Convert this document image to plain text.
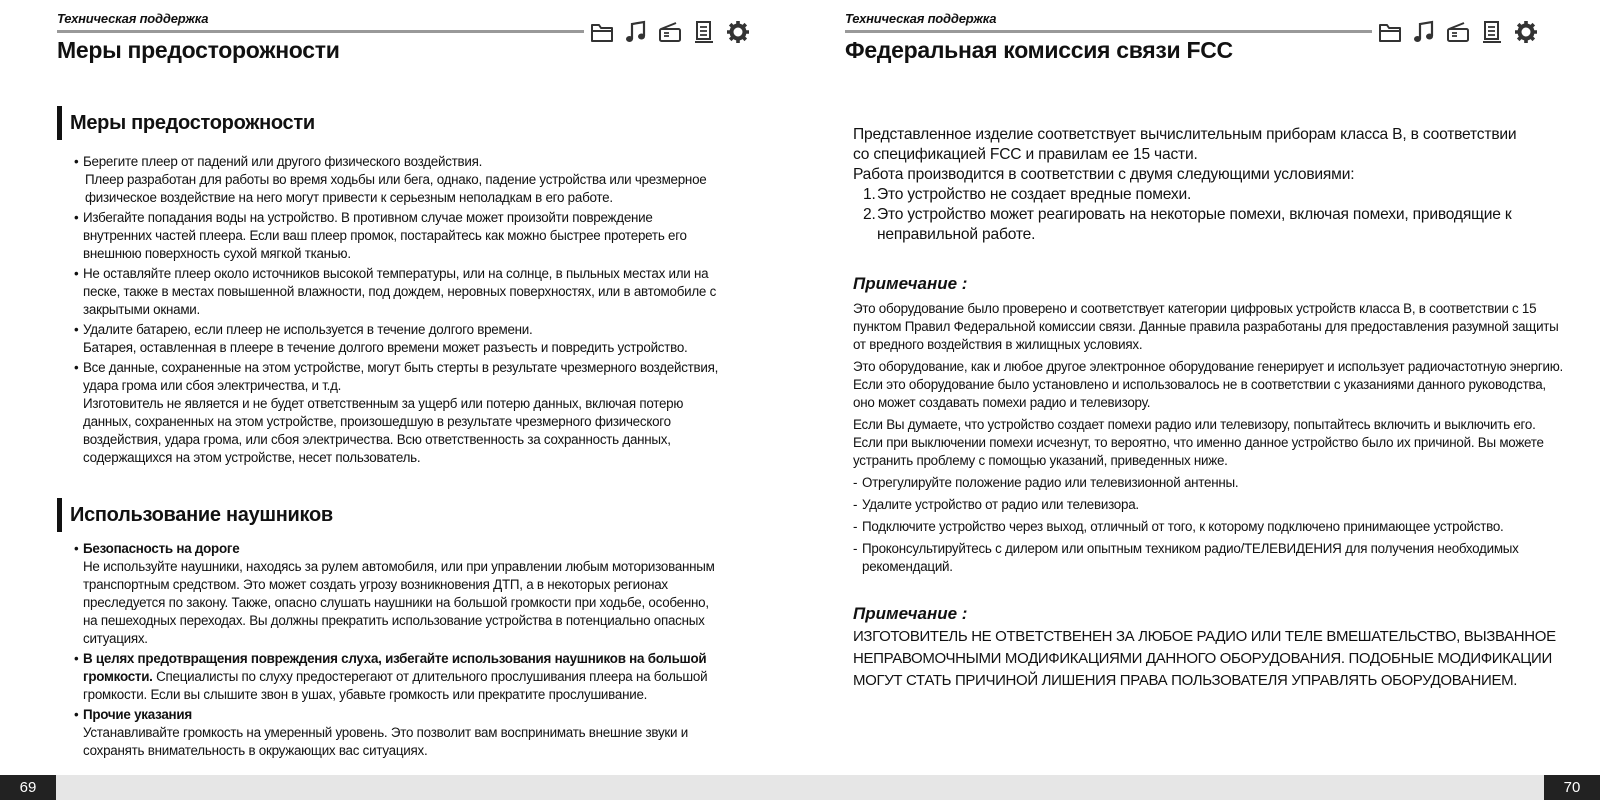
Техническая поддержка
Меры предосторожности
Меры предосторожности
• Берегите плеер от падений или другого физического воздействия.
Плеер разработан для работы во время ходьбы или бега, однако, падение устройства или чрезмерное физическое воздействие на него могут привести к серьезным неполадкам в его работе.
• Избегайте попадания воды на устройство. В противном случае может произойти повреждение внутренних частей плеера. Если ваш плеер промок, постарайтесь как можно быстрее протереть его внешнюю поверхность сухой мягкой тканью.
• Не оставляйте плеер около источников высокой температуры, или на солнце, в пыльных местах или на песке, также в местах повышенной влажности, под дождем, неровных поверхностях, или в автомобиле с закрытыми окнами.
• Удалите батарею, если плеер не используется в течение долгого времени.
Батарея, оставленная в плеере в течение долгого времени может разъесть и повредить устройство.
• Все данные, сохраненные на этом устройстве, могут быть стерты в результате чрезмерного воздействия, удара грома или сбоя электричества, и т.д.
Изготовитель не является и не будет ответственным за ущерб или потерю данных, включая потерю данных, сохраненных на этом устройстве, произошедшую в результате чрезмерного физического воздействия, удара грома, или сбоя электричества. Всю ответственность за сохранность данных, содержащихся на этом устройстве, несет пользователь.
Использование наушников
• Безопасность на дороге
Не используйте наушники, находясь за рулем автомобиля, или при управлении любым моторизованным транспортным средством. Это может создать угрозу возникновения ДТП, а в некоторых регионах преследуется по закону. Также, опасно слушать наушники на большой громкости при ходьбе, особенно, на пешеходных переходах. Вы должны прекратить использование устройства в потенциально опасных ситуациях.
• В целях предотвращения повреждения слуха, избегайте использования наушников на большой громкости. Специалисты по слуху предостерегают от длительного прослушивания плеера на большой громкости. Если вы слышите звон в ушах, убавьте громкость или прекратите прослушивание.
• Прочие указания
Устанавливайте громкость на умеренный уровень. Это позволит вам воспринимать внешние звуки и сохранять внимательность в окружающих вас ситуациях.
Техническая поддержка
Федеральная комиссия связи FCC
Представленное изделие соответствует вычислительным приборам класса B, в соответствии
со спецификацией FCC и правилам ее 15 части.
Работа производится в соответствии с двумя следующими условиями:
1. Это устройство не создает вредные помехи.
2. Это устройство может реагировать на некоторые помехи, включая помехи, приводящие к неправильной работе.
Примечание :

Это оборудование было проверено и соответствует категории цифровых устройств класса B, в соответствии с 15 пунктом Правил Федеральной комиссии связи. Данные правила разработаны для предоставления разумной защиты от вредного воздействия в жилищных условиях.

Это оборудование, как и любое другое электронное оборудование генерирует и использует радиочастотную энергию. Если это оборудование было установлено и использовалось не в соответствии с указаниями данного руководства, оно может создавать помехи радио и телевизору.

Если Вы думаете, что устройство создает помехи радио или телевизору, попытайтесь включить и выключить его. Если при выключении помехи исчезнут, то вероятно, что именно данное устройство было их причиной. Вы можете устранить проблему с помощью указаний, приведенных ниже.

- Отрегулируйте положение радио или телевизионной антенны.
- Удалите устройство от радио или телевизора.
- Подключите устройство через выход, отличный от того, к которому подключено принимающее устройство.
- Проконсультируйтесь с дилером или опытным техником радио/ТЕЛЕВИДЕНИЯ для получения необходимых рекомендаций.
Примечание :
ИЗГОТОВИТЕЛЬ НЕ ОТВЕТСТВЕНЕН ЗА ЛЮБОЕ РАДИО ИЛИ ТЕЛЕ ВМЕШАТЕЛЬСТВО, ВЫЗВАННОЕ НЕПРАВОМОЧНЫМИ МОДИФИКАЦИЯМИ ДАННОГО ОБОРУДОВАНИЯ. ПОДОБНЫЕ МОДИФИКАЦИИ МОГУТ СТАТЬ ПРИЧИНОЙ ЛИШЕНИЯ ПРАВА ПОЛЬЗОВАТЕЛЯ УПРАВЛЯТЬ ОБОРУДОВАНИЕМ.
69	70
